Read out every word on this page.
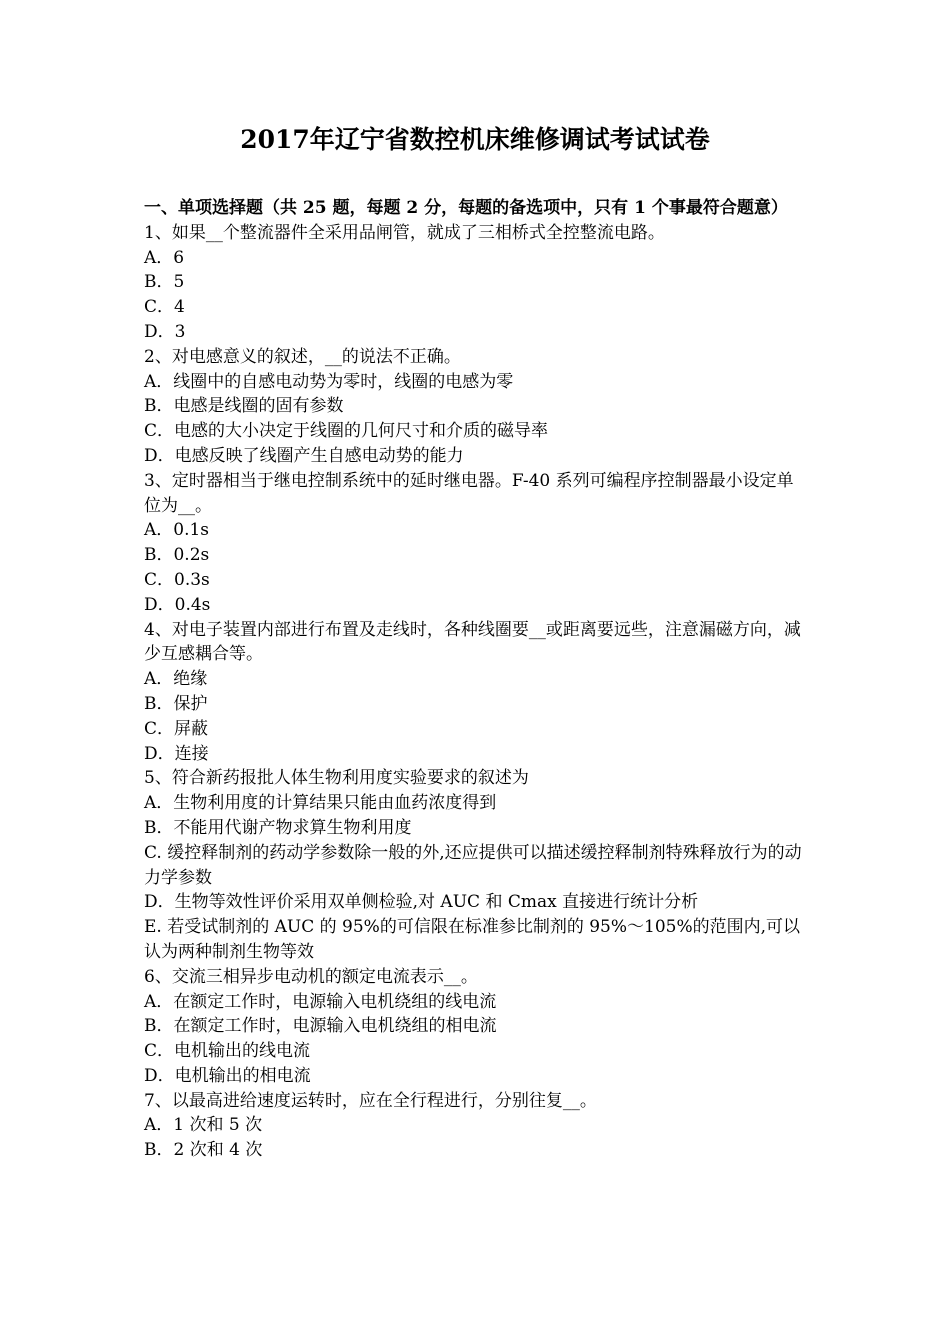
2017年辽宁省数控机床维修调试考试试卷

一、单项选择题（共 25 题，每题 2 分，每题的备选项中，只有 1 个事最符合题意）

1、如果__个整流器件全采用品闸管，就成了三相桥式全控整流电路。

A．6

B．5

C．4

D．3

2、对电感意义的叙述，__的说法不正确。

A．线圈中的自感电动势为零时，线圈的电感为零

B．电感是线圈的固有参数

C．电感的大小决定于线圈的几何尺寸和介质的磁导率

D．电感反映了线圈产生自感电动势的能力

3、定时器相当于继电控制系统中的延时继电器。F-40 系列可编程序控制器最小设定单位为__。

A．0.1s

B．0.2s

C．0.3s

D．0.4s

4、对电子装置内部进行布置及走线时，各种线圈要__或距离要远些，注意漏磁方向，减少互感耦合等。

A．绝缘

B．保护

C．屏蔽

D．连接

5、符合新药报批人体生物利用度实验要求的叙述为

A．生物利用度的计算结果只能由血药浓度得到

B．不能用代谢产物求算生物利用度

C. 缓控释制剂的药动学参数除一般的外,还应提供可以描述缓控释制剂特殊释放行为的动力学参数

D．生物等效性评价采用双单侧检验,对 AUC 和 Cmax 直接进行统计分析

E. 若受试制剂的 AUC 的 95%的可信限在标准参比制剂的 95%～105%的范围内,可以认为两种制剂生物等效

6、交流三相异步电动机的额定电流表示__。

A．在额定工作时，电源输入电机绕组的线电流

B．在额定工作时，电源输入电机绕组的相电流

C．电机输出的线电流

D．电机输出的相电流

7、以最高进给速度运转时，应在全行程进行，分别往复__。

A．1 次和 5 次

B．2 次和 4 次
